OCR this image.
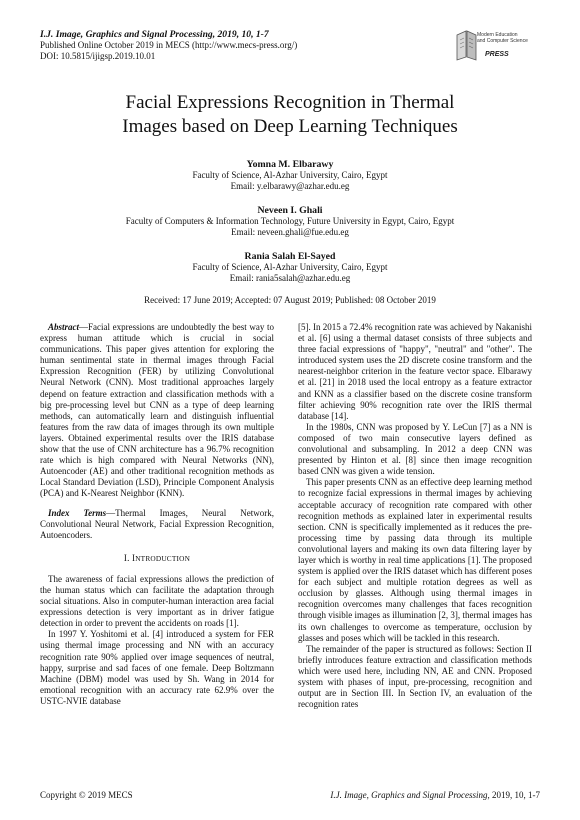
I.J. Image, Graphics and Signal Processing, 2019, 10, 1-7
Published Online October 2019 in MECS (http://www.mecs-press.org/)
DOI: 10.5815/ijigsp.2019.10.01
Modern Education
and Computer Science
PRESS
Facial Expressions Recognition in Thermal
Images based on Deep Learning Techniques
Yomna M. Elbarawy
Faculty of Science, Al-Azhar University, Cairo, Egypt
Email: y.elbarawy@azhar.edu.eg
Neveen I. Ghali
Faculty of Computers & Information Technology, Future University in Egypt, Cairo, Egypt
Email: neveen.ghali@fue.edu.eg
Rania Salah El-Sayed
Faculty of Science, Al-Azhar University, Cairo, Egypt
Email: rania5salah@azhar.edu.eg
Received: 17 June 2019; Accepted: 07 August 2019; Published: 08 October 2019

Abstract—Facial expressions are undoubtedly the best way to express human attitude which is crucial in social communications. This paper gives attention for exploring the human sentimental state in thermal images through Facial Expression Recognition (FER) by utilizing Convolutional Neural Network (CNN). Most traditional approaches largely depend on feature extraction and classification methods with a big pre-processing level but CNN as a type of deep learning methods, can automatically learn and distinguish influential features from the raw data of images through its own multiple layers. Obtained experimental results over the IRIS database show that the use of CNN architecture has a 96.7% recognition rate which is high compared with Neural Networks (NN), Autoencoder (AE) and other traditional recognition methods as Local Standard Deviation (LSD), Principle Component Analysis (PCA) and K-Nearest Neighbor (KNN).

Index Terms—Thermal Images, Neural Network, Convolutional Neural Network, Facial Expression Recognition, Autoencoders.

I. INTRODUCTION

The awareness of facial expressions allows the prediction of the human status which can facilitate the adaptation through social situations. Also in computer-human interaction area facial expressions detection is very important as in driver fatigue detection in order to prevent the accidents on roads [1].

In 1997 Y. Yoshitomi et al. [4] introduced a system for FER using thermal image processing and NN with an accuracy recognition rate 90% applied over image sequences of neutral, happy, surprise and sad faces of one female. Deep Boltzmann Machine (DBM) model was used by Sh. Wang in 2014 for emotional recognition with an accuracy rate 62.9% over the USTC-NVIE database

[5]. In 2015 a 72.4% recognition rate was achieved by Nakanishi et al. [6] using a thermal dataset consists of three subjects and three facial expressions of "happy", "neutral" and "other". The introduced system uses the 2D discrete cosine transform and the nearest-neighbor criterion in the feature vector space. Elbarawy et al. [21] in 2018 used the local entropy as a feature extractor and KNN as a classifier based on the discrete cosine transform filter achieving 90% recognition rate over the IRIS thermal database [14].

In the 1980s, CNN was proposed by Y. LeCun [7] as a NN is composed of two main consecutive layers defined as convolutional and subsampling. In 2012 a deep CNN was presented by Hinton et al. [8] since then image recognition based CNN was given a wide tension.

This paper presents CNN as an effective deep learning method to recognize facial expressions in thermal images by achieving acceptable accuracy of recognition rate compared with other recognition methods as explained later in experimental results section. CNN is specifically implemented as it reduces the pre-processing time by passing data through its multiple convolutional layers and making its own data filtering layer by layer which is worthy in real time applications [1]. The proposed system is applied over the IRIS dataset which has different poses for each subject and multiple rotation degrees as well as occlusion by glasses. Although using thermal images in recognition overcomes many challenges that faces recognition through visible images as illumination [2, 3], thermal images has its own challenges to overcome as temperature, occlusion by glasses and poses which will be tackled in this research.

The remainder of the paper is structured as follows: Section II briefly introduces feature extraction and classification methods which were used here, including NN, AE and CNN. Proposed system with phases of input, pre-processing, recognition and output are in Section III. In Section IV, an evaluation of the recognition rates

Copyright © 2019 MECS	I.J. Image, Graphics and Signal Processing, 2019, 10, 1-7
